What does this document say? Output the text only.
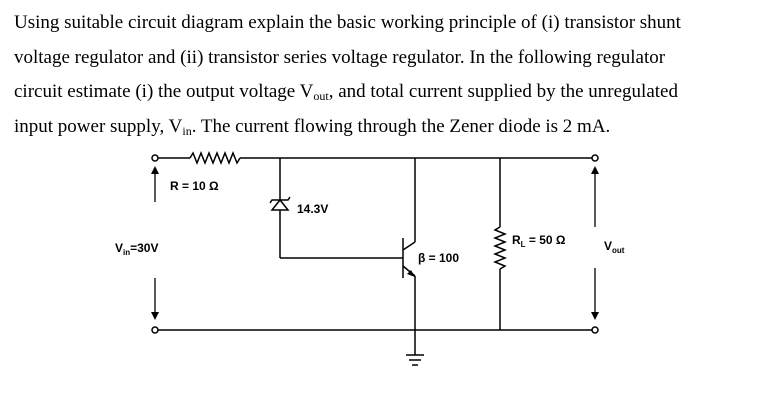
Using suitable circuit diagram explain the basic working principle of (i) transistor shunt
voltage regulator and (ii) transistor series voltage regulator. In the following regulator
circuit estimate (i) the output voltage $V_{out}$, and total current supplied by the unregulated
input power supply, $V_{in}$. The current flowing through the Zener diode is 2 mA.
R = 10 Ω
14.3V
$V_{in}=30V$
β = 100
$R_L = 50$ Ω	$V_{out}$
